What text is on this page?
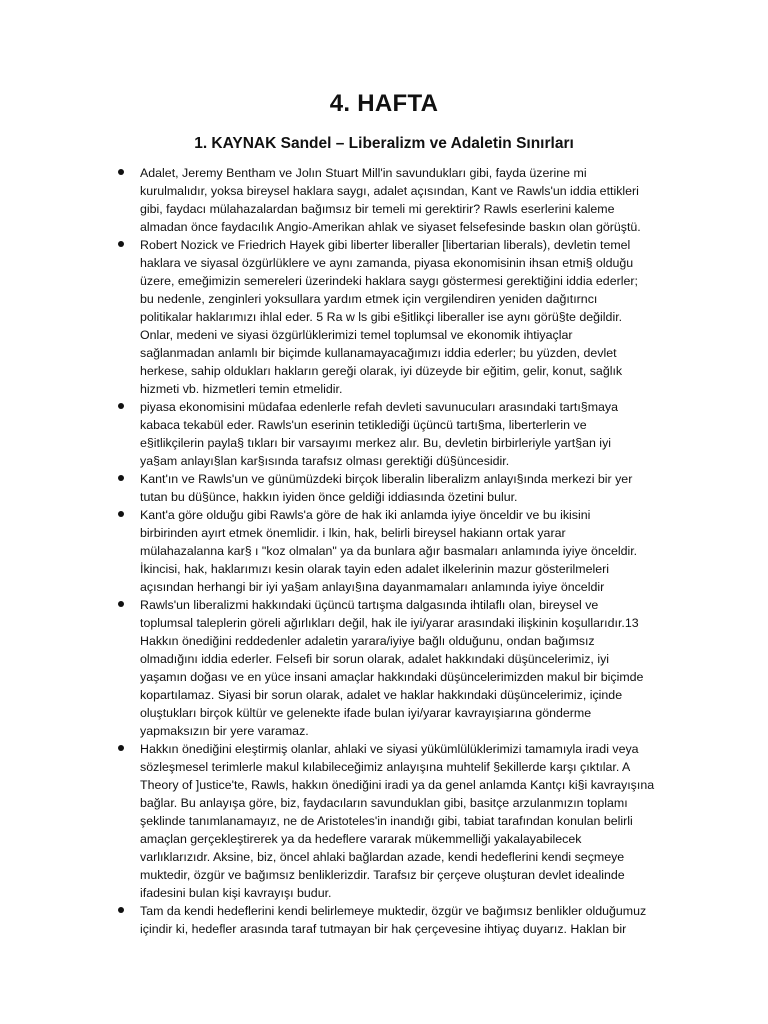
4. HAFTA
1. KAYNAK Sandel – Liberalizm ve Adaletin Sınırları
Adalet, Jeremy Bentham ve Jolın Stuart Mill'in savundukları gibi, fayda üzerine mi
kurulmalıdır, yoksa bireysel haklara saygı, adalet açısından, Kant ve Rawls'un iddia ettikleri
gibi, faydacı mülahazalardan bağımsız bir temeli mi gerektirir? Rawls eserlerini kaleme
almadan önce faydacılık Angio-Amerikan ahlak ve siyaset felsefesinde baskın olan görüştü.
Robert Nozick ve Friedrich Hayek gibi liberter liberaller [libertarian liberals), devletin temel
haklara ve siyasal özgürlüklere ve aynı zamanda, piyasa ekonomisinin ihsan etmi§ olduğu
üzere, emeğimizin semereleri üzerindeki haklara saygı göstermesi gerektiğini iddia ederler;
bu nedenle, zenginleri yoksullara yardım etmek için vergilendiren yeniden dağıtırncı
politikalar haklarımızı ihlal eder. 5 Ra w ls gibi e§itlikçi liberaller ise aynı görü§te değildir.
Onlar, medeni ve siyasi özgürlüklerimizi temel toplumsal ve ekonomik ihtiyaçlar
sağlanmadan anlamlı bir biçimde kullanamayacağımızı iddia ederler; bu yüzden, devlet
herkese, sahip oldukları hakların gereği olarak, iyi düzeyde bir eğitim, gelir, konut, sağlık
hizmeti vb. hizmetleri temin etmelidir.
piyasa ekonomisini müdafaa edenlerle refah devleti savunucuları arasındaki tartı§maya
kabaca tekabül eder. Rawls'un eserinin tetiklediği üçüncü tartı§ma, liberterlerin ve
e§itlikçilerin payla§ tıkları bir varsayımı merkez alır. Bu, devletin birbirleriyle yart§an iyi
ya§am anlayı§lan kar§ısında tarafsız olması gerektiği dü§üncesidir.
Kant'ın ve Rawls'un ve günümüzdeki birçok liberalin liberalizm anlayı§ında merkezi bir yer
tutan bu dü§ünce, hakkın iyiden önce geldiği iddiasında özetini bulur.
Kant'a göre olduğu gibi Rawls'a göre de hak iki anlamda iyiye önceldir ve bu ikisini
birbirinden ayırt etmek önemlidir. i lkin, hak, belirli bireysel hakiann ortak yarar
mülahazalanna kar§ ı "koz olmalan" ya da bunlara ağır basmaları anlamında iyiye önceldir.
İkincisi, hak, haklarımızı kesin olarak tayin eden adalet ilkelerinin mazur gösterilmeleri
açısından herhangi bir iyi ya§am anlayı§ına dayanmamaları anlamında iyiye önceldir
Rawls'un liberalizmi hakkındaki üçüncü tartışma dalgasında ihtilaflı olan, bireysel ve
toplumsal taleplerin göreli ağırlıkları değil, hak ile iyi/yarar arasındaki ilişkinin koşullarıdır.13
Hakkın önediğini reddedenler adaletin yarara/iyiye bağlı olduğunu, ondan bağımsız
olmadığını iddia ederler. Felsefi bir sorun olarak, adalet hakkındaki düşüncelerimiz, iyi
yaşamın doğası ve en yüce insani amaçlar hakkındaki düşüncelerimizden makul bir biçimde
kopartılamaz. Siyasi bir sorun olarak, adalet ve haklar hakkındaki düşüncelerimiz, içinde
oluştukları birçok kültür ve gelenekte ifade bulan iyi/yarar kavrayışiarına gönderme
yapmaksızın bir yere varamaz.
Hakkın önediğini eleştirmiş olanlar, ahlaki ve siyasi yükümlülüklerimizi tamamıyla iradi veya
sözleşmesel terimlerle makul kılabileceğimiz anlayışına muhtelif §ekillerde karşı çıktılar. A
Theory of ]ustice'te, Rawls, hakkın önediğini iradi ya da genel anlamda Kantçı ki§i kavrayışına
bağlar. Bu anlayışa göre, biz, faydacıların savunduklan gibi, basitçe arzulanmızın toplamı
şeklinde tanımlanamayız, ne de Aristoteles'in inandığı gibi, tabiat tarafından konulan belirli
amaçlan gerçekleştirerek ya da hedeflere vararak mükemmelliği yakalayabilecek
varlıklarızıdr. Aksine, biz, öncel ahlaki bağlardan azade, kendi hedeflerini kendi seçmeye
muktedir, özgür ve bağımsız benliklerizdir. Tarafsız bir çerçeve oluşturan devlet idealinde
ifadesini bulan kişi kavrayışı budur.
Tam da kendi hedeflerini kendi belirlemeye muktedir, özgür ve bağımsız benlikler olduğumuz
içindir ki, hedefler arasında taraf tutmayan bir hak çerçevesine ihtiyaç duyarız. Haklan bir
